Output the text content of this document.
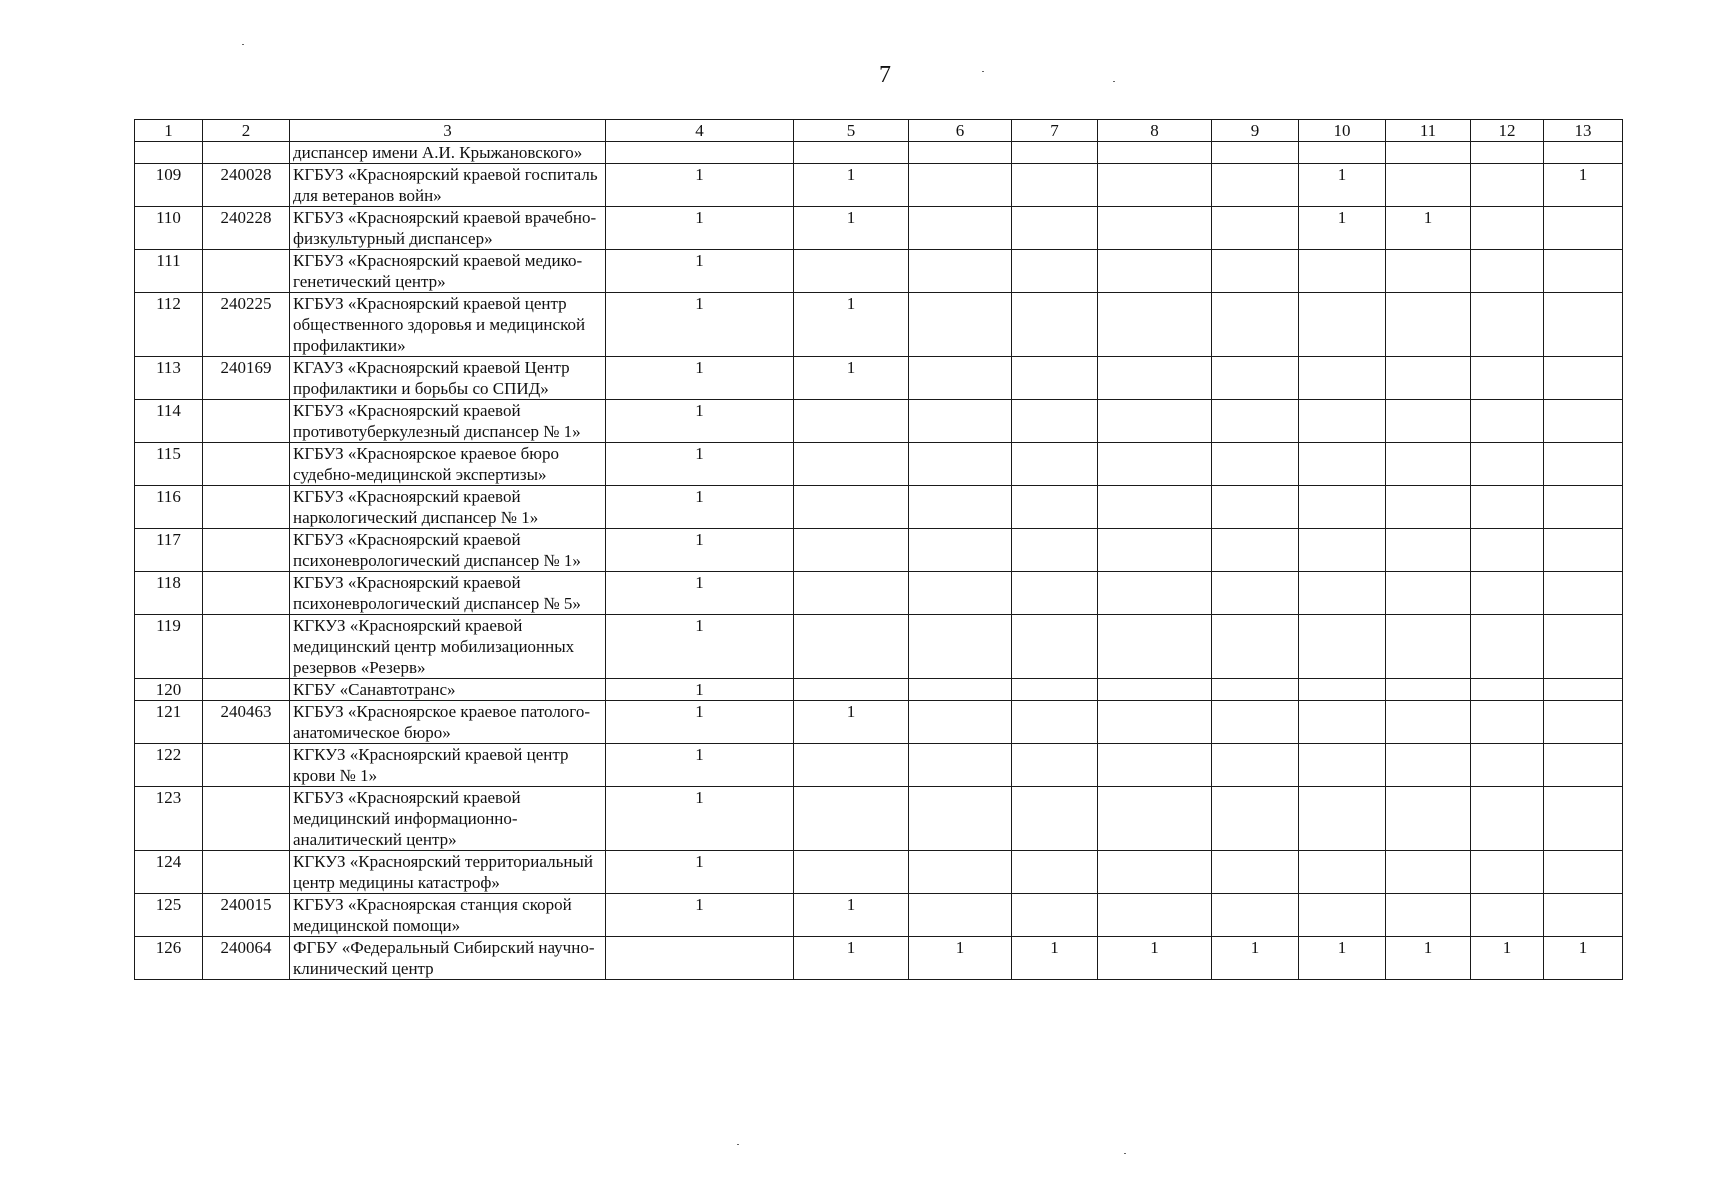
7
1	2	3	4	5	6	7	8	9	10	11	12	13
		диспансер имени А.И. Крыжановского»										
109	240028	КГБУЗ «Красноярский краевой госпиталь для ветеранов войн»	1	1					1			1
110	240228	КГБУЗ «Красноярский краевой врачебно-физкультурный диспансер»	1	1					1	1		
111		КГБУЗ «Красноярский краевой медико-генетический центр»	1									
112	240225	КГБУЗ «Красноярский краевой центр общественного здоровья и медицинской профилактики»	1	1								
113	240169	КГАУЗ «Красноярский краевой Центр профилактики и борьбы со СПИД»	1	1								
114		КГБУЗ «Красноярский краевой противотуберкулезный диспансер № 1»	1									
115		КГБУЗ «Красноярское краевое бюро судебно-медицинской экспертизы»	1									
116		КГБУЗ «Красноярский краевой наркологический диспансер № 1»	1									
117		КГБУЗ «Красноярский краевой психоневрологический диспансер № 1»	1									
118		КГБУЗ «Красноярский краевой психоневрологический диспансер № 5»	1									
119		КГКУЗ «Красноярский краевой медицинский центр мобилизационных резервов «Резерв»	1									
120		КГБУ «Санавтотранс»	1									
121	240463	КГБУЗ «Красноярское краевое патолого-анатомическое бюро»	1	1								
122		КГКУЗ «Красноярский краевой центр крови № 1»	1									
123		КГБУЗ «Красноярский краевой медицинский информационно-аналитический центр»	1									
124		КГКУЗ «Красноярский территориальный центр медицины катастроф»	1									
125	240015	КГБУЗ «Красноярская станция скорой медицинской помощи»	1	1								
126	240064	ФГБУ «Федеральный Сибирский научно-клинический центр		1	1	1	1	1	1	1	1	1
